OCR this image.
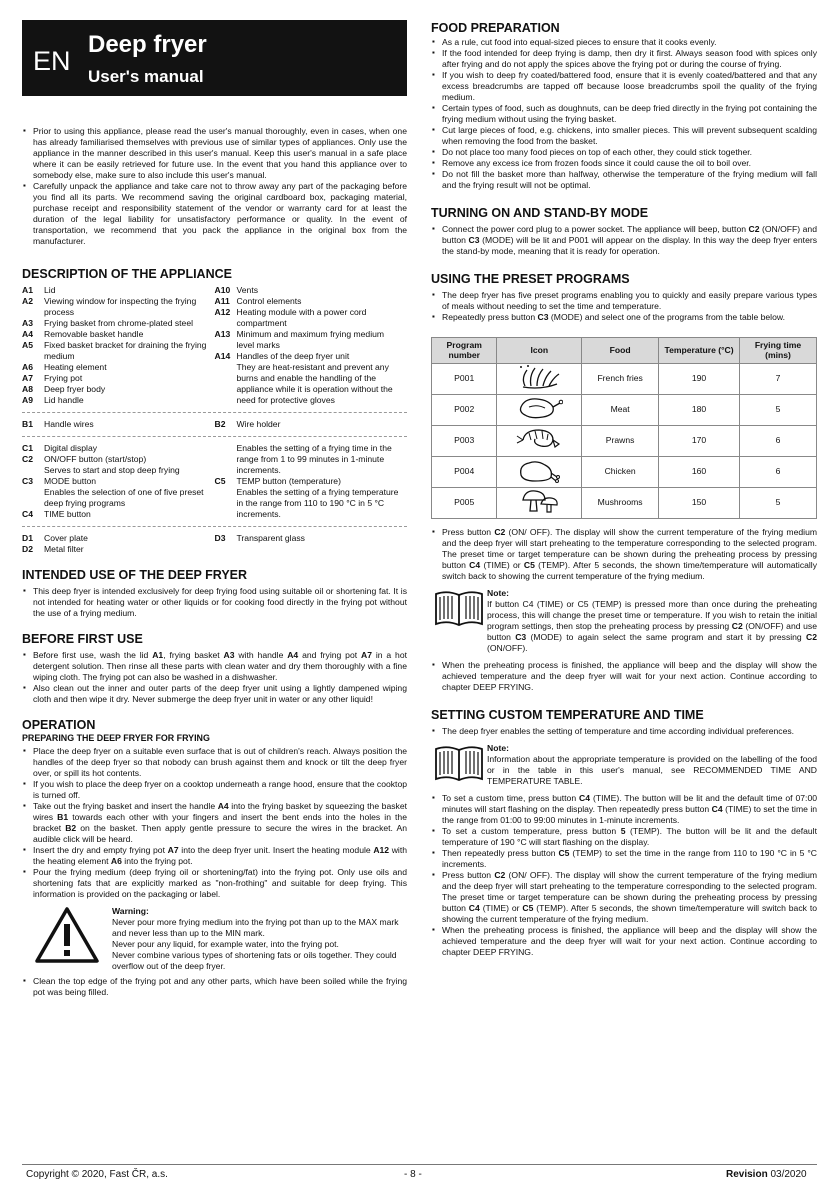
EN
Deep fryer
User's manual
▪ Prior to using this appliance, please read the user's manual thoroughly, even in cases, when one has already familiarised themselves with previous use of similar types of appliances. Only use the appliance in the manner described in this user's manual. Keep this user's manual in a safe place where it can be easily retrieved for future use. In the event that you hand this appliance over to somebody else, make sure to also include this user's manual.
▪ Carefully unpack the appliance and take care not to throw away any part of the packaging before you find all its parts. We recommend saving the original cardboard box, packaging material, purchase receipt and responsibility statement of the vendor or warranty card for at least the duration of the legal liability for unsatisfactory performance or quality. In the event of transportation, we recommend that you pack the appliance in the original box from the manufacturer.
DESCRIPTION OF THE APPLIANCE
A1	Lid
A2	Viewing window for inspecting the frying process
A3	Frying basket from chrome-plated steel
A4	Removable basket handle
A5	Fixed basket bracket for draining the frying medium
A6	Heating element
A7	Frying pot
A8	Deep fryer body
A9	Lid handle
A10 Vents
A11 Control elements
A12 Heating module with a power cord compartment
A13 Minimum and maximum frying medium level marks
A14 Handles of the deep fryer unit
They are heat-resistant and prevent any burns and enable the handling of the appliance while it is operation without the need for protective gloves
B1	Handle wires	B2	Wire holder
C1	Digital display
C2	ON/OFF button (start/stop)
Serves to start and stop deep frying
C3	MODE button
Enables the selection of one of five preset deep frying programs
C4	TIME button
Enables the setting of a frying time in the range from 1 to 99 minutes in 1-minute increments.
C5	TEMP button (temperature)
Enables the setting of a frying temperature in the range from 110 to 190 °C in 5 °C increments.
D1	Cover plate
D2	Metal filter
D3	Transparent glass
INTENDED USE OF THE DEEP FRYER
▪ This deep fryer is intended exclusively for deep frying food using suitable oil or shortening fat. It is not intended for heating water or other liquids or for cooking food directly in the frying pot without the use of a frying medium.
BEFORE FIRST USE
▪ Before first use, wash the lid A1, frying basket A3 with handle A4 and frying pot A7 in a hot detergent solution. Then rinse all these parts with clean water and dry them thoroughly with a fine wiping cloth. The frying pot can also be washed in a dishwasher.
▪ Also clean out the inner and outer parts of the deep fryer unit using a lightly dampened wiping cloth and then wipe it dry. Never submerge the deep fryer unit in water or any other liquid!
OPERATION
PREPARING THE DEEP FRYER FOR FRYING
▪ Place the deep fryer on a suitable even surface that is out of children's reach. Always position the handles of the deep fryer so that nobody can brush against them and knock or tilt the deep fryer over, or spill its hot contents.
▪ If you wish to place the deep fryer on a cooktop underneath a range hood, ensure that the cooktop is turned off.
▪ Take out the frying basket and insert the handle A4 into the frying basket by squeezing the basket wires B1 towards each other with your fingers and insert the bent ends into the holes in the bracket B2 on the basket. Then apply gentle pressure to secure the wires in the bracket. An audible click will be heard.
▪ Insert the dry and empty frying pot A7 into the deep fryer unit. Insert the heating module A12 with the heating element A6 into the frying pot.
▪ Pour the frying medium (deep frying oil or shortening/fat) into the frying pot. Only use oils and shortening fats that are explicitly marked as "non-frothing" and suitable for deep frying. This information is provided on the packaging or label.
Warning:
Never pour more frying medium into the frying pot than up to the MAX mark and never less than up to the MIN mark.
Never pour any liquid, for example water, into the frying pot.
Never combine various types of shortening fats or oils together. They could overflow out of the deep fryer.
▪ Clean the top edge of the frying pot and any other parts, which have been soiled while the frying pot was being filled.
FOOD PREPARATION
▪ As a rule, cut food into equal-sized pieces to ensure that it cooks evenly.
▪ If the food intended for deep frying is damp, then dry it first. Always season food with spices only after frying and do not apply the spices above the frying pot or during the course of frying.
▪ If you wish to deep fry coated/battered food, ensure that it is evenly coated/battered and that any excess breadcrumbs are tapped off because loose breadcrumbs spoil the quality of the frying medium.
▪ Certain types of food, such as doughnuts, can be deep fried directly in the frying pot containing the frying medium without using the frying basket.
▪ Cut large pieces of food, e.g. chickens, into smaller pieces. This will prevent subsequent scalding when removing the food from the basket.
▪ Do not place too many food pieces on top of each other, they could stick together.
▪ Remove any excess ice from frozen foods since it could cause the oil to boil over.
▪ Do not fill the basket more than halfway, otherwise the temperature of the frying medium will fall and the frying result will not be optimal.
TURNING ON AND STAND-BY MODE
▪ Connect the power cord plug to a power socket. The appliance will beep, button C2 (ON/OFF) and button C3 (MODE) will be lit and P001 will appear on the display. In this way the deep fryer enters the stand-by mode, meaning that it is ready for operation.
USING THE PRESET PROGRAMS
▪ The deep fryer has five preset programs enabling you to quickly and easily prepare various types of meals without needing to set the time and temperature.
▪ Repeatedly press button C3 (MODE) and select one of the programs from the table below.
Program number	Icon	Food	Temperature (°C)	Frying time (mins)
P001		French fries	190	7
P002		Meat	180	5
P003		Prawns	170	6
P004		Chicken	160	6
P005		Mushrooms	150	5
▪ Press button C2 (ON/ OFF). The display will show the current temperature of the frying medium and the deep fryer will start preheating to the temperature corresponding to the selected program. The preset time or target temperature can be shown during the preheating process by pressing button C4 (TIME) or C5 (TEMP). After 5 seconds, the shown time/temperature will automatically switch back to showing the current temperature of the frying medium.
Note:
If button C4 (TIME) or C5 (TEMP) is pressed more than once during the preheating process, this will change the preset time or temperature. If you wish to retain the initial program settings, then stop the preheating process by pressing C2 (ON/OFF) and use button C3 (MODE) to again select the same program and start it by pressing C2 (ON/OFF).
▪ When the preheating process is finished, the appliance will beep and the display will show the achieved temperature and the deep fryer will wait for your next action. Continue according to chapter DEEP FRYING.
SETTING CUSTOM TEMPERATURE AND TIME
▪ The deep fryer enables the setting of temperature and time according individual preferences.
Note:
Information about the appropriate temperature is provided on the labelling of the food or in the table in this user's manual, see RECOMMENDED TIME AND TEMPERATURE TABLE.
▪ To set a custom time, press button C4 (TIME). The button will be lit and the default time of 07:00 minutes will start flashing on the display. Then repeatedly press button C4 (TIME) to set the time in the range from 01:00 to 99:00 minutes in 1-minute increments.
▪ To set a custom temperature, press button 5 (TEMP). The button will be lit and the default temperature of 190 °C will start flashing on the display.
▪ Then repeatedly press button C5 (TEMP) to set the time in the range from 110 to 190 °C in 5 °C increments.
▪ Press button C2 (ON/ OFF). The display will show the current temperature of the frying medium and the deep fryer will start preheating to the temperature corresponding to the selected program. The preset time or target temperature can be shown during the preheating process by pressing button C4 (TIME) or C5 (TEMP). After 5 seconds, the shown time/temperature will switch back to showing the current temperature of the frying medium.
▪ When the preheating process is finished, the appliance will beep and the display will show the achieved temperature and the deep fryer will wait for your next action. Continue according to chapter DEEP FRYING.
Copyright © 2020, Fast ČR, a.s.	- 8 -	Revision 03/2020
